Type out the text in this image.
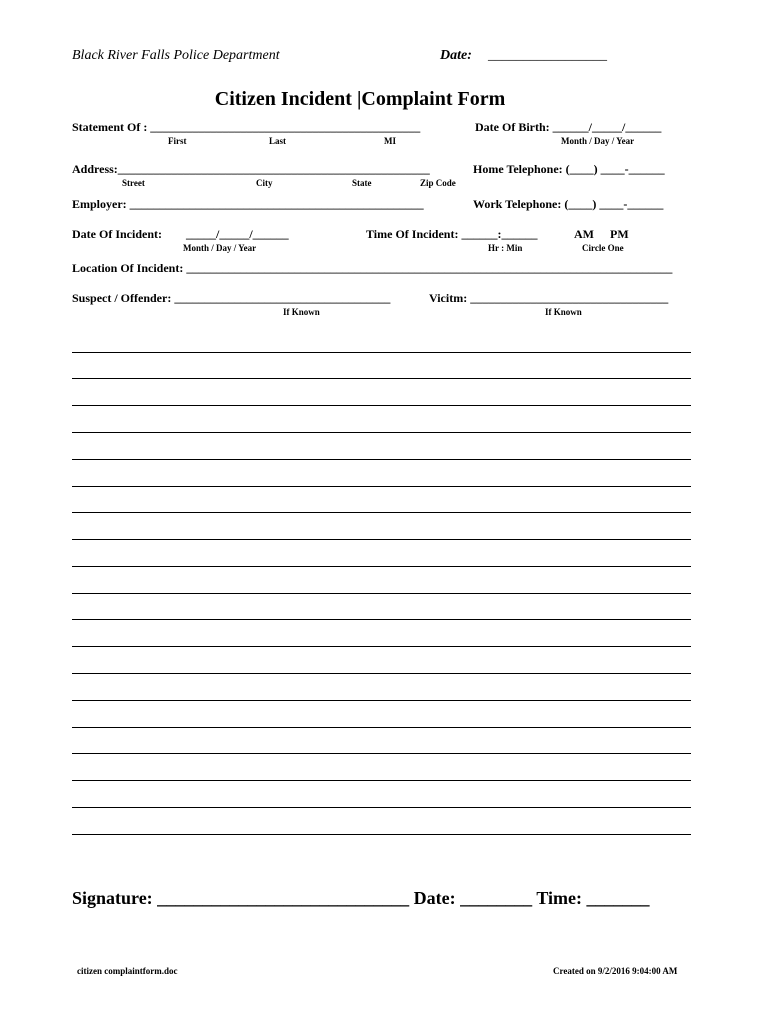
Black River Falls Police Department	Date: _________________
Citizen Incident |Complaint Form
Statement Of : _____________________________________________
First	Last	MI
Date Of Birth: ______/_____/______
Month / Day / Year
Address:____________________________________________________
Street	City	State	Zip Code
Home Telephone: (____) ____-______
Employer: _________________________________________________	Work Telephone: (____) ____-______
Date Of Incident: _____/_____/______
Month / Day / Year
Time Of Incident: ______:______
Hr : Min
AM PM
Circle One
Location Of Incident: _________________________________________________________________________________
Suspect / Offender: ____________________________________
If Known
Vicitm: _________________________________
If Known
Signature: ____________________________ Date: ________ Time: _______
citizen complaintform.doc	Created on 9/2/2016 9:04:00 AM
